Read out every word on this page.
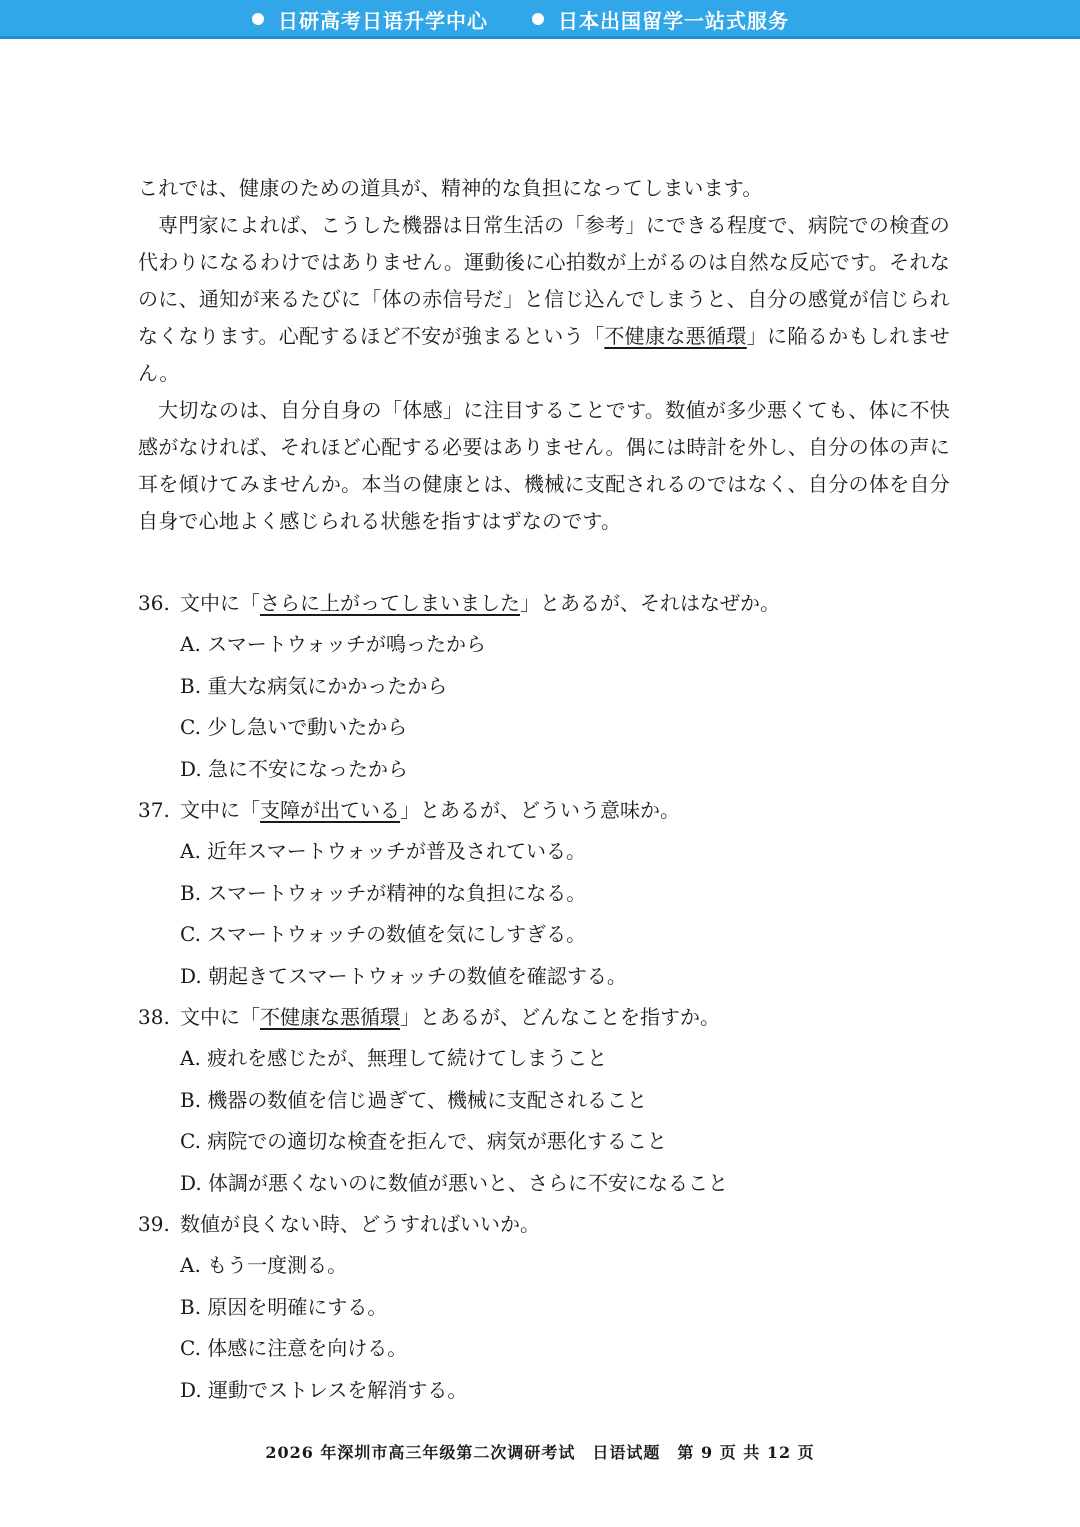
日研高考日语升学中心	日本出国留学一站式服务

これでは、健康のための道具が、精神的な負担になってしまいます。

専門家によれば、こうした機器は日常生活の「参考」にできる程度で、病院での検査の代わりになるわけではありません。運動後に心拍数が上がるのは自然な反応です。それなのに、通知が来るたびに「体の赤信号だ」と信じ込んでしまうと、自分の感覚が信じられなくなります。心配するほど不安が強まるという「不健康な悪循環」に陥るかもしれません。

大切なのは、自分自身の「体感」に注目することです。数値が多少悪くても、体に不快感がなければ、それほど心配する必要はありません。偶には時計を外し、自分の体の声に耳を傾けてみませんか。本当の健康とは、機械に支配されるのではなく、自分の体を自分自身で心地よく感じられる状態を指すはずなのです。

36. 文中に「さらに上がってしまいました」とあるが、それはなぜか。
A. スマートウォッチが鳴ったから
B. 重大な病気にかかったから
C. 少し急いで動いたから
D. 急に不安になったから
37. 文中に「支障が出ている」とあるが、どういう意味か。
A. 近年スマートウォッチが普及されている。
B. スマートウォッチが精神的な負担になる。
C. スマートウォッチの数値を気にしすぎる。
D. 朝起きてスマートウォッチの数値を確認する。
38. 文中に「不健康な悪循環」とあるが、どんなことを指すか。
A. 疲れを感じたが、無理して続けてしまうこと
B. 機器の数値を信じ過ぎて、機械に支配されること
C. 病院での適切な検査を拒んで、病気が悪化すること
D. 体調が悪くないのに数値が悪いと、さらに不安になること
39. 数値が良くない時、どうすればいいか。
A. もう一度測る。
B. 原因を明確にする。
C. 体感に注意を向ける。
D. 運動でストレスを解消する。
2026 年深圳市高三年级第二次调研考试　日语试题　第 9 页 共 12 页
